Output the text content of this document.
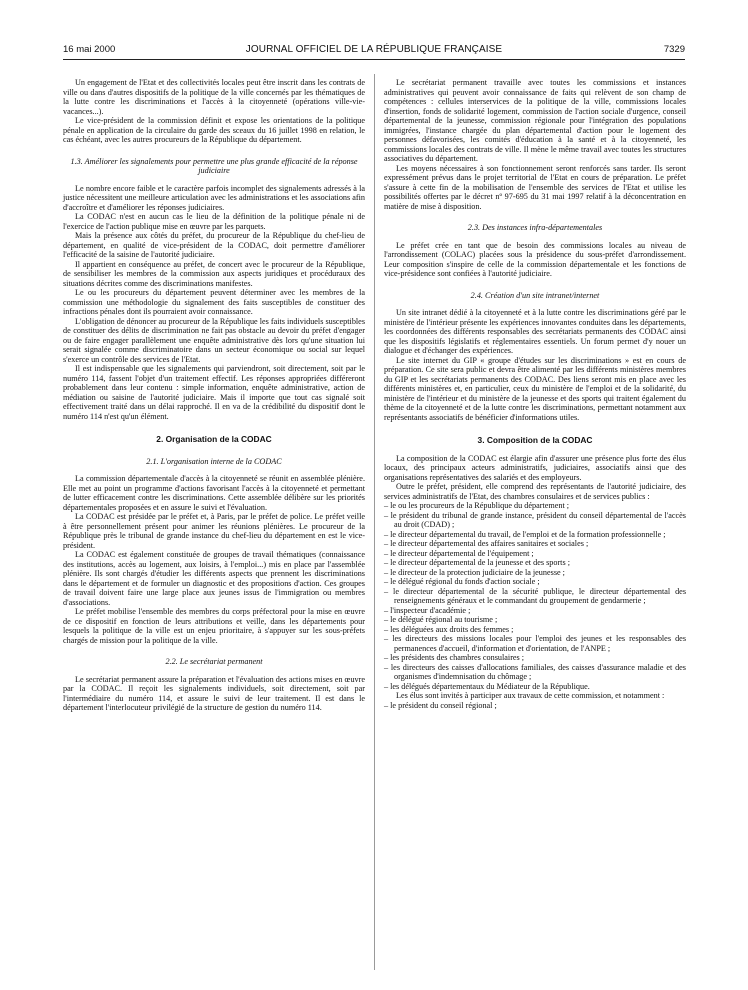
16 mai 2000	JOURNAL OFFICIEL DE LA RÉPUBLIQUE FRANÇAISE	7329

Un engagement de l'Etat et des collectivités locales peut être inscrit dans les contrats de ville ou dans d'autres dispositifs de la politique de la ville concernés par les thématiques de la lutte contre les discriminations et l'accès à la citoyenneté (opérations ville-vie-vacances...).

Le vice-président de la commission définit et expose les orientations de la politique pénale en application de la circulaire du garde des sceaux du 16 juillet 1998 en relation, le cas échéant, avec les autres procureurs de la République du département.

1.3. Améliorer les signalements pour permettre une plus grande efficacité de la réponse judiciaire

Le nombre encore faible et le caractère parfois incomplet des signalements adressés à la justice nécessitent une meilleure articulation avec les administrations et les associations afin d'accroître et d'améliorer les réponses judiciaires.

La CODAC n'est en aucun cas le lieu de la définition de la politique pénale ni de l'exercice de l'action publique mise en œuvre par les parquets.

Mais la présence aux côtés du préfet, du procureur de la République du chef-lieu de département, en qualité de vice-président de la CODAC, doit permettre d'améliorer l'efficacité de la saisine de l'autorité judiciaire.

Il appartient en conséquence au préfet, de concert avec le procureur de la République, de sensibiliser les membres de la commission aux aspects juridiques et procéduraux des situations décrites comme des discriminations manifestes.

Le ou les procureurs du département peuvent déterminer avec les membres de la commission une méthodologie du signalement des faits susceptibles de constituer des infractions pénales dont ils pourraient avoir connaissance.

L'obligation de dénoncer au procureur de la République les faits individuels susceptibles de constituer des délits de discrimination ne fait pas obstacle au devoir du préfet d'engager ou de faire engager parallèlement une enquête administrative dès lors qu'une situation lui serait signalée comme discriminatoire dans un secteur économique ou social sur lequel s'exerce un contrôle des services de l'Etat.

Il est indispensable que les signalements qui parviendront, soit directement, soit par le numéro 114, fassent l'objet d'un traitement effectif. Les réponses appropriées différeront probablement dans leur contenu : simple information, enquête administrative, action de médiation ou saisine de l'autorité judiciaire. Mais il importe que tout cas signalé soit effectivement traité dans un délai rapproché. Il en va de la crédibilité du dispositif dont le numéro 114 n'est qu'un élément.

2. Organisation de la CODAC
2.1. L'organisation interne de la CODAC

La commission départementale d'accès à la citoyenneté se réunit en assemblée plénière. Elle met au point un programme d'actions favorisant l'accès à la citoyenneté et permettant de lutter efficacement contre les discriminations. Cette assemblée délibère sur les priorités départementales proposées et en assure le suivi et l'évaluation.

La CODAC est présidée par le préfet et, à Paris, par le préfet de police. Le préfet veille à être personnellement présent pour animer les réunions plénières. Le procureur de la République près le tribunal de grande instance du chef-lieu du département en est le vice-président.

La CODAC est également constituée de groupes de travail thématiques (connaissance des institutions, accès au logement, aux loisirs, à l'emploi...) mis en place par l'assemblée plénière. Ils sont chargés d'étudier les différents aspects que prennent les discriminations dans le département et de formuler un diagnostic et des propositions d'action. Ces groupes de travail doivent faire une large place aux jeunes issus de l'immigration ou membres d'associations.

Le préfet mobilise l'ensemble des membres du corps préfectoral pour la mise en œuvre de ce dispositif en fonction de leurs attributions et veille, dans les départements pour lesquels la politique de la ville est un enjeu prioritaire, à s'appuyer sur les sous-préfets chargés de mission pour la politique de la ville.

2.2. Le secrétariat permanent

Le secrétariat permanent assure la préparation et l'évaluation des actions mises en œuvre par la CODAC. Il reçoit les signalements individuels, soit directement, soit par l'intermédiaire du numéro 114, et assure le suivi de leur traitement. Il est dans le département l'interlocuteur privilégié de la structure de gestion du numéro 114.

Le secrétariat permanent travaille avec toutes les commissions et instances administratives qui peuvent avoir connaissance de faits qui relèvent de son champ de compétences : cellules interservices de la politique de la ville, commissions locales d'insertion, fonds de solidarité logement, commission de l'action sociale d'urgence, conseil départemental de la jeunesse, commission régionale pour l'intégration des populations immigrées, l'instance chargée du plan départemental d'action pour le logement des personnes défavorisées, les comités d'éducation à la santé et à la citoyenneté, les commissions locales des contrats de ville. Il mène le même travail avec toutes les structures associatives du département.

Les moyens nécessaires à son fonctionnement seront renforcés sans tarder. Ils seront expressément prévus dans le projet territorial de l'Etat en cours de préparation. Le préfet s'assure à cette fin de la mobilisation de l'ensemble des services de l'Etat et utilise les possibilités offertes par le décret nº 97-695 du 31 mai 1997 relatif à la déconcentration en matière de mise à disposition.

2.3. Des instances infra-départementales

Le préfet crée en tant que de besoin des commissions locales au niveau de l'arrondissement (COLAC) placées sous la présidence du sous-préfet d'arrondissement. Leur composition s'inspire de celle de la commission départementale et les fonctions de vice-présidence sont confiées à l'autorité judiciaire.

2.4. Création d'un site intranet/internet

Un site intranet dédié à la citoyenneté et à la lutte contre les discriminations géré par le ministère de l'intérieur présente les expériences innovantes conduites dans les départements, les coordonnées des différents responsables des secrétariats permanents des CODAC ainsi que les dispositifs législatifs et réglementaires essentiels. Un forum permet d'y nouer un dialogue et d'échanger des expériences.

Le site internet du GIP « groupe d'études sur les discriminations » est en cours de préparation. Ce site sera public et devra être alimenté par les différents ministères membres du GIP et les secrétariats permanents des CODAC. Des liens seront mis en place avec les différents ministères et, en particulier, ceux du ministère de l'emploi et de la solidarité, du ministère de l'intérieur et du ministère de la jeunesse et des sports qui traitent également du thème de la citoyenneté et de la lutte contre les discriminations, permettant notamment aux représentants associatifs de bénéficier d'informations utiles.

3. Composition de la CODAC

La composition de la CODAC est élargie afin d'assurer une présence plus forte des élus locaux, des principaux acteurs administratifs, judiciaires, associatifs ainsi que des organisations représentatives des salariés et des employeurs.

Outre le préfet, président, elle comprend des représentants de l'autorité judiciaire, des services administratifs de l'Etat, des chambres consulaires et de services publics :

– le ou les procureurs de la République du département ;
– le président du tribunal de grande instance, président du conseil départemental de l'accès au droit (CDAD) ;
– le directeur départemental du travail, de l'emploi et de la formation professionnelle ;
– le directeur départemental des affaires sanitaires et sociales ;
– le directeur départemental de l'équipement ;
– le directeur départemental de la jeunesse et des sports ;
– le directeur de la protection judiciaire de la jeunesse ;
– le délégué régional du fonds d'action sociale ;
– le directeur départemental de la sécurité publique, le directeur départemental des renseignements généraux et le commandant du groupement de gendarmerie ;
– l'inspecteur d'académie ;
– le délégué régional au tourisme ;
– les déléguées aux droits des femmes ;
– les directeurs des missions locales pour l'emploi des jeunes et les responsables des permanences d'accueil, d'information et d'orientation, de l'ANPE ;
– les présidents des chambres consulaires ;
– les directeurs des caisses d'allocations familiales, des caisses d'assurance maladie et des organismes d'indemnisation du chômage ;
– les délégués départementaux du Médiateur de la République.

Les élus sont invités à participer aux travaux de cette commission, et notamment :

– le président du conseil régional ;
